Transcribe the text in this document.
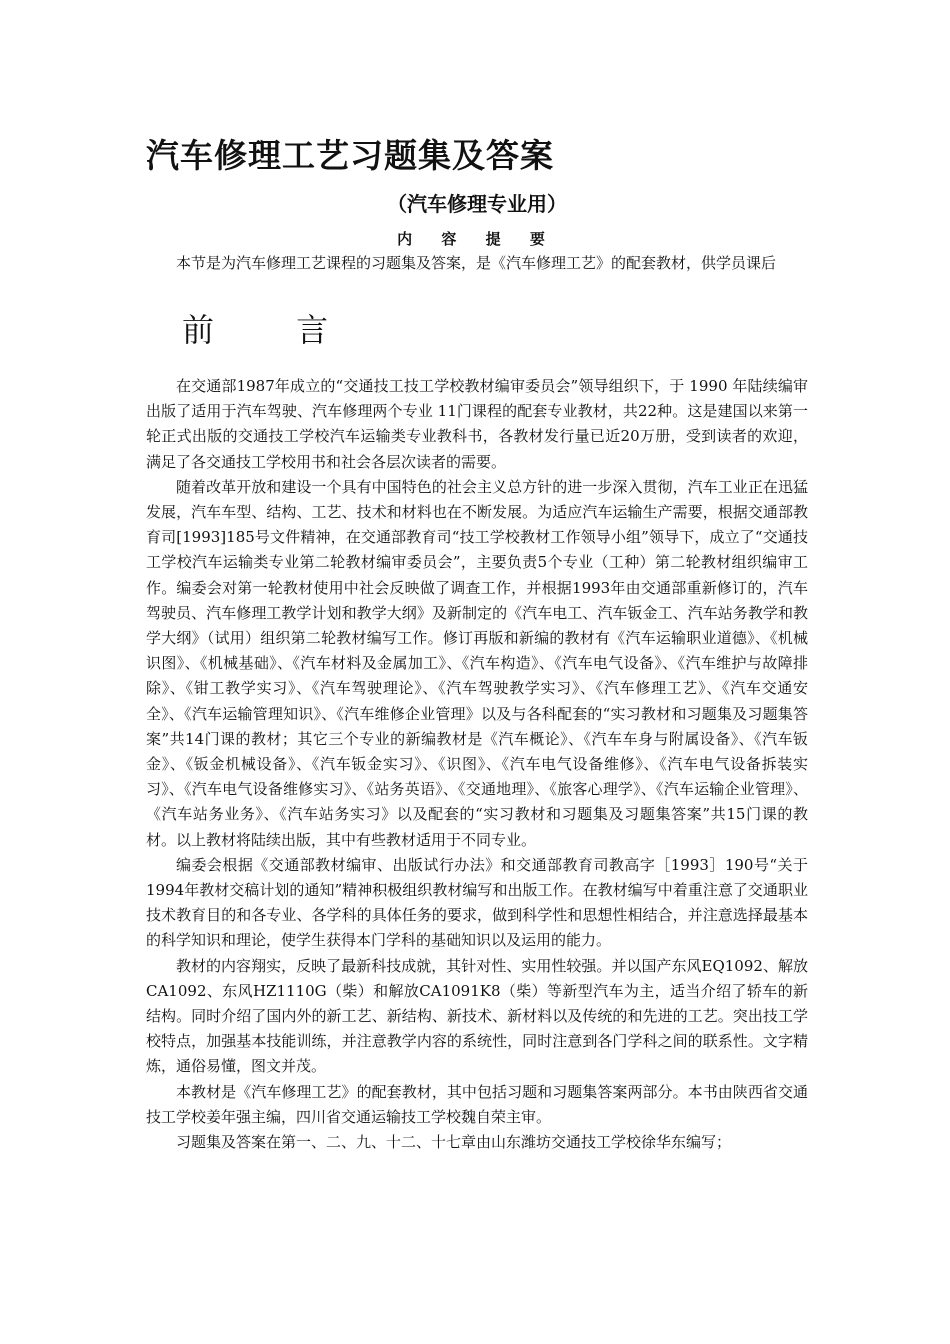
汽车修理工艺习题集及答案
（汽车修理专业用）
内 容 提 要

本节是为汽车修理工艺课程的习题集及答案，是《汽车修理工艺》的配套教材，供学员课后

前 言

在交通部1987年成立的“交通技工技工学校教材编审委员会”领导组织下，于 1990 年陆续编审出版了适用于汽车驾驶、汽车修理两个专业 11门课程的配套专业教材，共22种。这是建国以来第一轮正式出版的交通技工学校汽车运输类专业教科书，各教材发行量已近20万册，受到读者的欢迎，满足了各交通技工学校用书和社会各层次读者的需要。

随着改革开放和建设一个具有中国特色的社会主义总方针的进一步深入贯彻，汽车工业正在迅猛发展，汽车车型、结构、工艺、技术和材料也在不断发展。为适应汽车运输生产需要，根据交通部教育司[1993]185号文件精神，在交通部教育司“技工学校教材工作领导小组”领导下，成立了“交通技工学校汽车运输类专业第二轮教材编审委员会”，主要负责5个专业（工种）第二轮教材组织编审工作。编委会对第一轮教材使用中社会反映做了调查工作，并根据1993年由交通部重新修订的，汽车驾驶员、汽车修理工教学计划和教学大纲》及新制定的《汽车电工、汽车钣金工、汽车站务教学和教学大纲》（试用）组织第二轮教材编写工作。修订再版和新编的教材有《汽车运输职业道德》、《机械识图》、《机械基础》、《汽车材料及金属加工》、《汽车构造》、《汽车电气设备》、《汽车维护与故障排除》、《钳工教学实习》、《汽车驾驶理论》、《汽车驾驶教学实习》、《汽车修理工艺》、《汽车交通安全》、《汽车运输管理知识》、《汽车维修企业管理》以及与各科配套的“实习教材和习题集及习题集答案”共14门课的教材；其它三个专业的新编教材是《汽车概论》、《汽车车身与附属设备》、《汽车钣金》、《钣金机械设备》、《汽车钣金实习》、《识图》、《汽车电气设备维修》、《汽车电气设备拆装实习》、《汽车电气设备维修实习》、《站务英语》、《交通地理》、《旅客心理学》、《汽车运输企业管理》、《汽车站务业务》、《汽车站务实习》以及配套的“实习教材和习题集及习题集答案”共15门课的教材。以上教材将陆续出版，其中有些教材适用于不同专业。

编委会根据《交通部教材编审、出版试行办法》和交通部教育司教高字［1993］190号“关于1994年教材交稿计划的通知”精神积极组织教材编写和出版工作。在教材编写中着重注意了交通职业技术教育目的和各专业、各学科的具体任务的要求，做到科学性和思想性相结合，并注意选择最基本的科学知识和理论，使学生获得本门学科的基础知识以及运用的能力。

教材的内容翔实，反映了最新科技成就，其针对性、实用性较强。并以国产东风EQ1092、解放CA1092、东风HZ1110G（柴）和解放CA1091K8（柴）等新型汽车为主，适当介绍了轿车的新结构。同时介绍了国内外的新工艺、新结构、新技术、新材料以及传统的和先进的工艺。突出技工学校特点，加强基本技能训练，并注意教学内容的系统性，同时注意到各门学科之间的联系性。文字精炼，通俗易懂，图文并茂。

本教材是《汽车修理工艺》的配套教材，其中包括习题和习题集答案两部分。本书由陕西省交通技工学校姜年强主编，四川省交通运输技工学校魏自荣主审。

习题集及答案在第一、二、九、十二、十七章由山东潍坊交通技工学校徐华东编写；
